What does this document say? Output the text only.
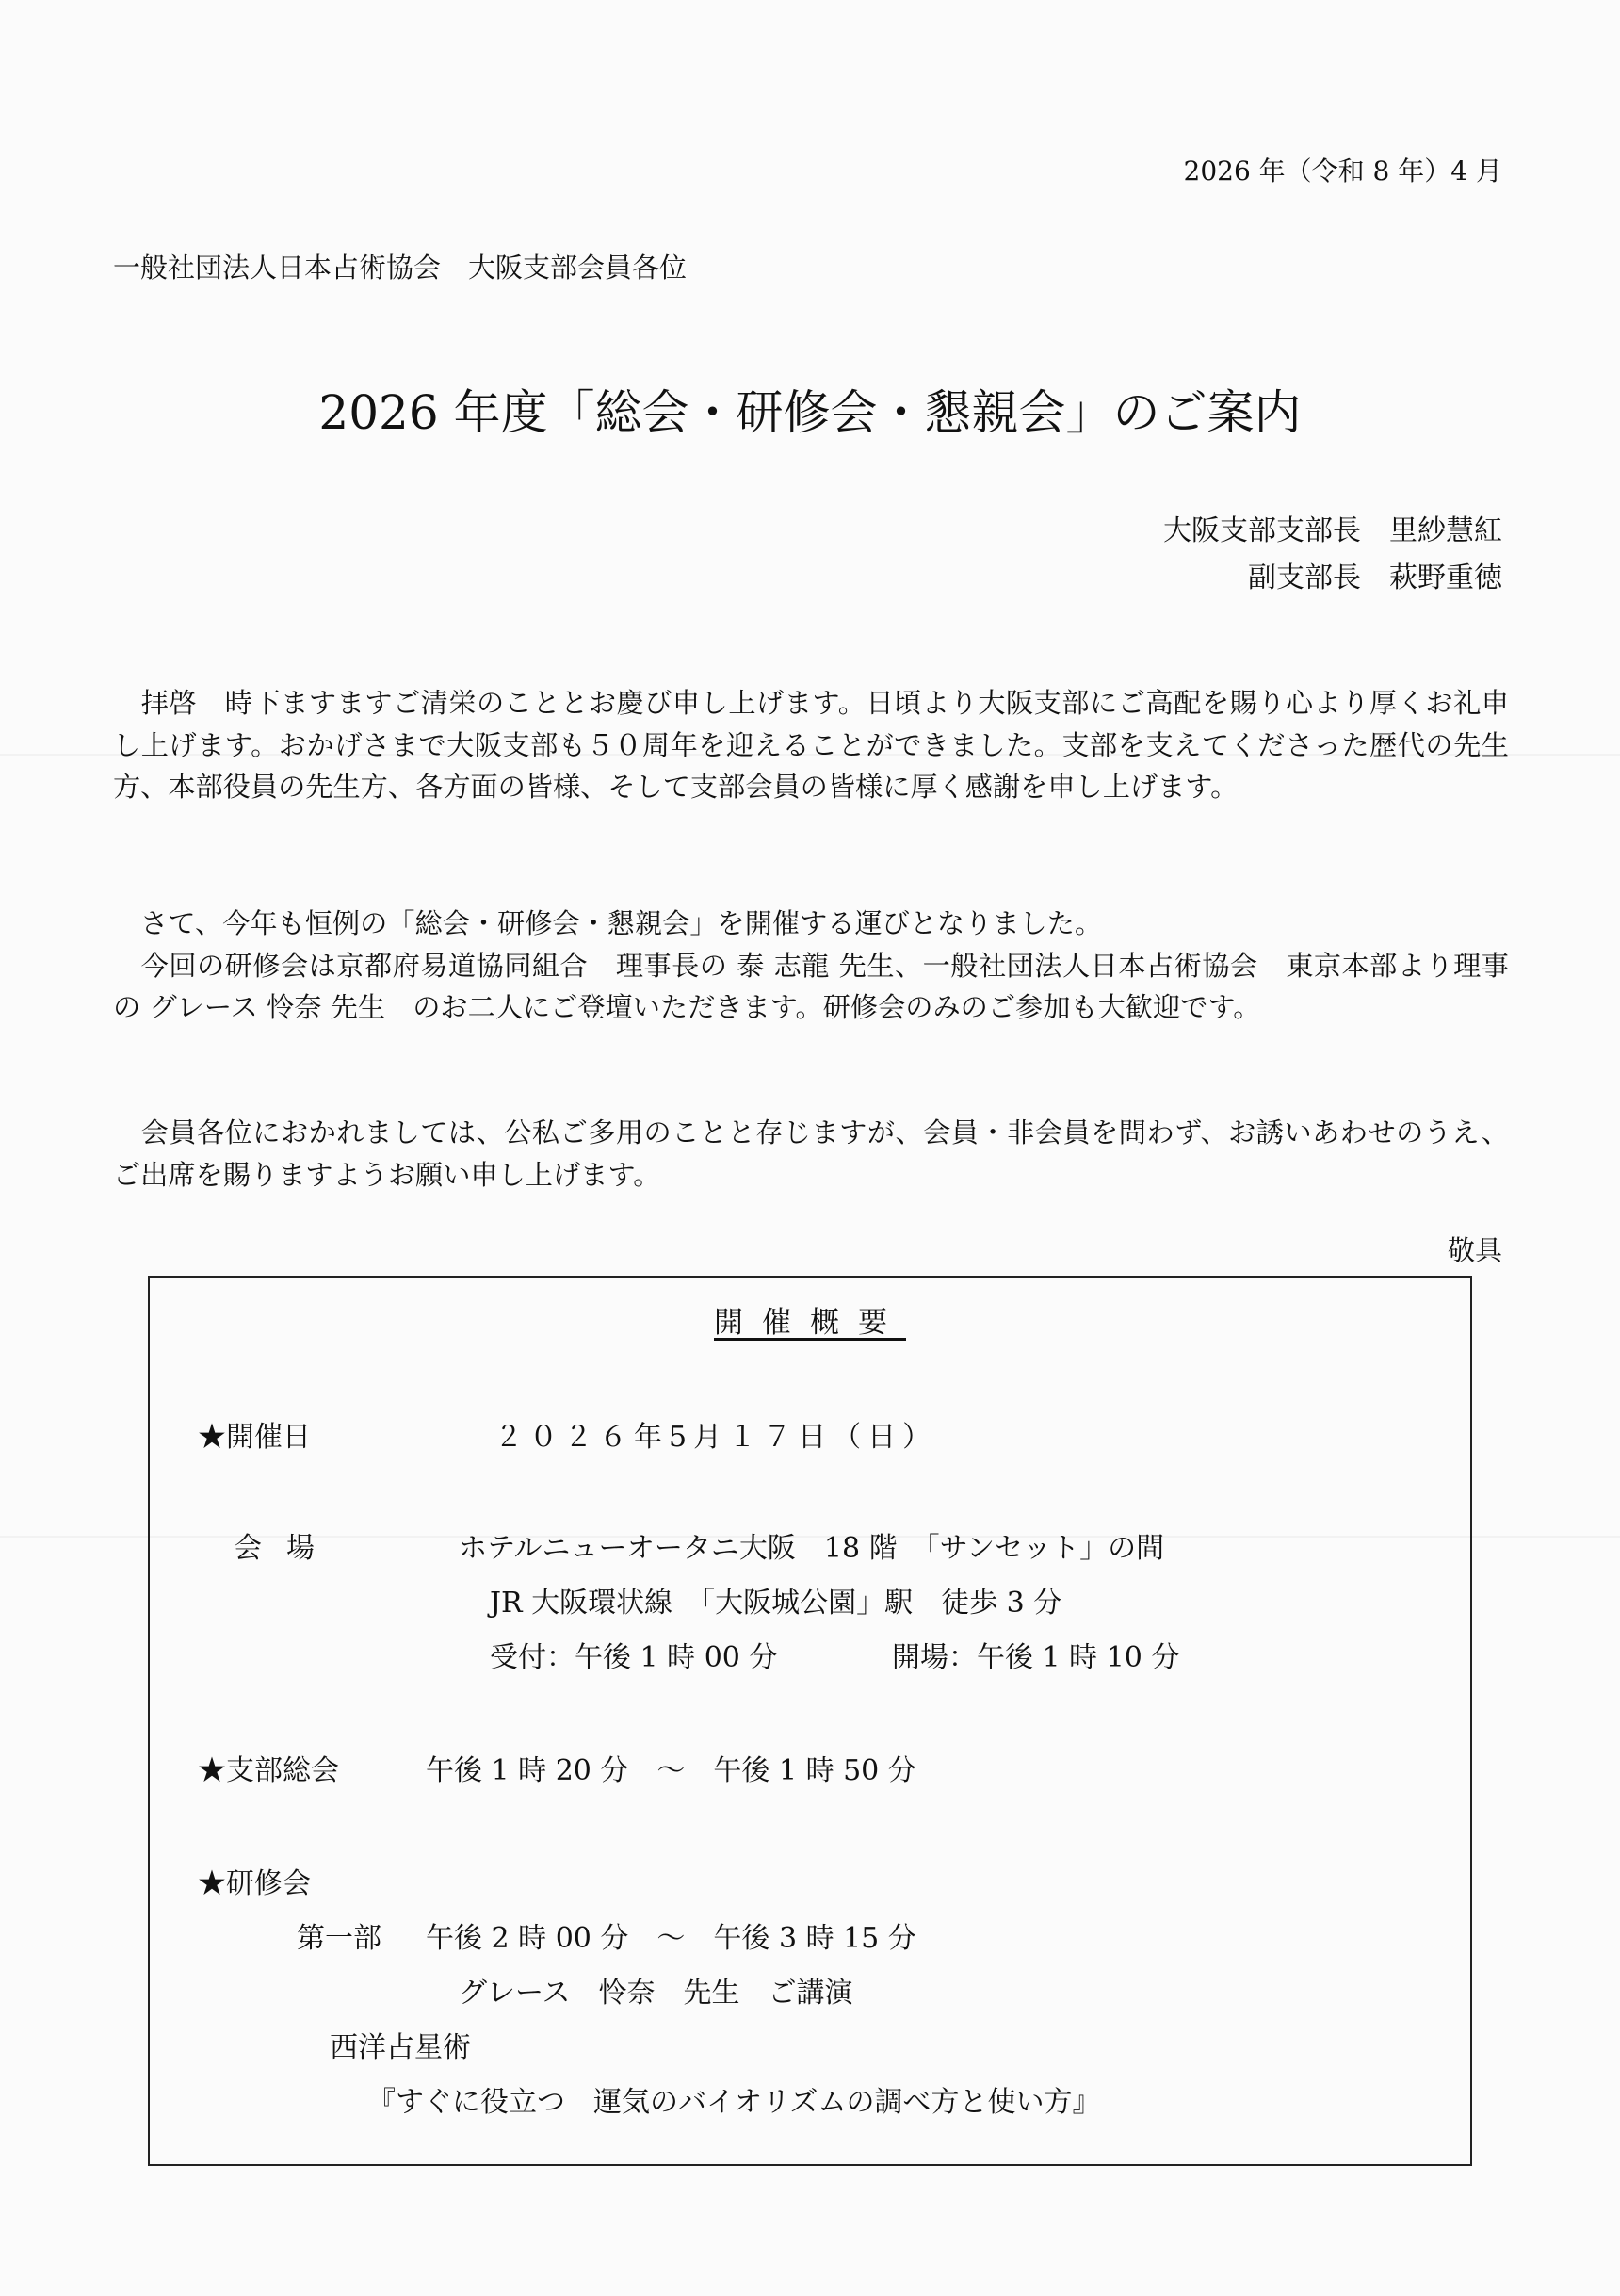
2026 年（令和 8 年）4 月
一般社団法人日本占術協会　大阪支部会員各位
2026 年度「総会・研修会・懇親会」のご案内
大阪支部支部長　里紗慧紅
副支部長　萩野重徳

　拝啓　時下ますますご清栄のこととお慶び申し上げます。日頃より大阪支部にご高配を賜り心より厚くお礼申し上げます。おかげさまで大阪支部も５０周年を迎えることができました。支部を支えてくださった歴代の先生方、本部役員の先生方、各方面の皆様、そして支部会員の皆様に厚く感謝を申し上げます。

　さて、今年も恒例の「総会・研修会・懇親会」を開催する運びとなりました。

　今回の研修会は京都府易道協同組合　理事長の 泰 志龍 先生、一般社団法人日本占術協会　東京本部より理事の グレース 怜奈 先生　のお二人にご登壇いただきます。研修会のみのご参加も大歓迎です。

　会員各位におかれましては、公私ご多用のことと存じますが、会員・非会員を問わず、お誘いあわせのうえ、ご出席を賜りますようお願い申し上げます。

敬具
開催概要
★開催日	２０２６年5月１７日（日）
会場	ホテルニューオータニ大阪　18 階　「サンセット」の間
JR 大阪環状線　「大阪城公園」駅　徒歩 3 分
受付：午後 1 時 00 分	開場：午後 1 時 10 分
★支部総会	午後 1 時 20 分　～　午後 1 時 50 分
★研修会
第一部 午後 2 時 00 分　～　午後 3 時 15 分
グレース　怜奈　先生　ご講演
西洋占星術
『すぐに役立つ　運気のバイオリズムの調べ方と使い方』
